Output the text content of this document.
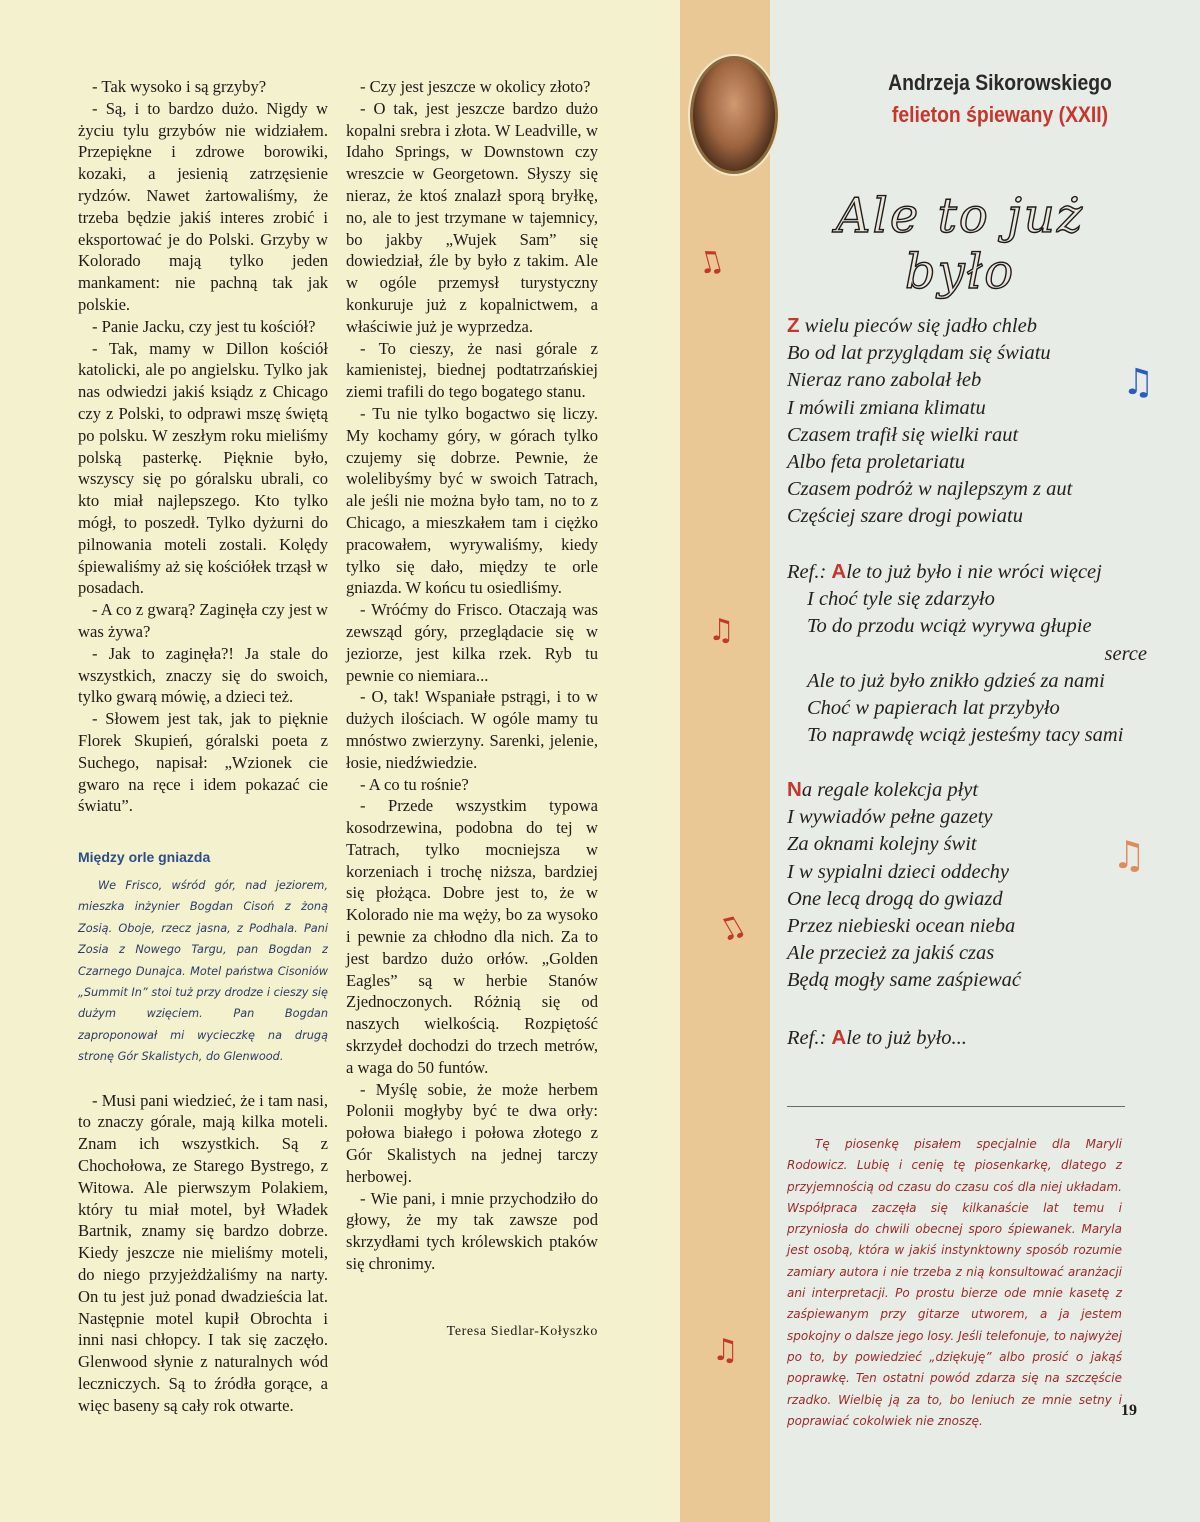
- Tak wysoko i są grzyby?

- Są, i to bardzo dużo. Nigdy w życiu tylu grzybów nie widziałem. Przepiękne i zdrowe borowiki, kozaki, a jesienią zatrzęsienie rydzów. Nawet żartowaliśmy, że trzeba będzie jakiś interes zrobić i eksportować je do Polski. Grzyby w Kolorado mają tylko jeden mankament: nie pachną tak jak polskie.

- Panie Jacku, czy jest tu kościół?

- Tak, mamy w Dillon kościół katolicki, ale po angielsku. Tylko jak nas odwiedzi jakiś ksiądz z Chicago czy z Polski, to odprawi mszę świętą po polsku. W zeszłym roku mieliśmy polską pasterkę. Pięknie było, wszyscy się po góralsku ubrali, co kto miał najlepszego. Kto tylko mógł, to poszedł. Tylko dyżurni do pilnowania moteli zostali. Kolędy śpiewaliśmy aż się kościółek trząsł w posadach.

- A co z gwarą? Zaginęła czy jest w was żywa?

- Jak to zaginęła?! Ja stale do wszystkich, znaczy się do swoich, tylko gwarą mówię, a dzieci też.

- Słowem jest tak, jak to pięknie Florek Skupień, góralski poeta z Suchego, napisał: „Wzionek cie gwaro na ręce i idem pokazać cie światu”.

Między orle gniazda
We Frisco, wśród gór, nad jeziorem, mieszka inżynier Bogdan Cisoń z żoną Zosią. Oboje, rzecz jasna, z Podhala. Pani Zosia z Nowego Targu, pan Bogdan z Czarnego Dunajca. Motel państwa Cisoniów „Summit In” stoi tuż przy drodze i cieszy się dużym wzięciem. Pan Bogdan zaproponował mi wycieczkę na drugą stronę Gór Skalistych, do Glenwood.

- Musi pani wiedzieć, że i tam nasi, to znaczy górale, mają kilka moteli. Znam ich wszystkich. Są z Chochołowa, ze Starego Bystrego, z Witowa. Ale pierwszym Polakiem, który tu miał motel, był Władek Bartnik, znamy się bardzo dobrze. Kiedy jeszcze nie mieliśmy moteli, do niego przyjeżdżaliśmy na narty. On tu jest już ponad dwadzieścia lat. Następnie motel kupił Obrochta i inni nasi chłopcy. I tak się zaczęło. Glenwood słynie z naturalnych wód leczniczych. Są to źródła gorące, a więc baseny są cały rok otwarte.

- Czy jest jeszcze w okolicy złoto?

- O tak, jest jeszcze bardzo dużo kopalni srebra i złota. W Leadville, w Idaho Springs, w Downstown czy wreszcie w Georgetown. Słyszy się nieraz, że ktoś znalazł sporą bryłkę, no, ale to jest trzymane w tajemnicy, bo jakby „Wujek Sam” się dowiedział, źle by było z takim. Ale w ogóle przemysł turystyczny konkuruje już z kopalnictwem, a właściwie już je wyprzedza.

- To cieszy, że nasi górale z kamienistej, biednej podtatrzańskiej ziemi trafili do tego bogatego stanu.

- Tu nie tylko bogactwo się liczy. My kochamy góry, w górach tylko czujemy się dobrze. Pewnie, że wolelibyśmy być w swoich Tatrach, ale jeśli nie można było tam, no to z Chicago, a mieszkałem tam i ciężko pracowałem, wyrywaliśmy, kiedy tylko się dało, między te orle gniazda. W końcu tu osiedliśmy.

- Wróćmy do Frisco. Otaczają was zewsząd góry, przeglądacie się w jeziorze, jest kilka rzek. Ryb tu pewnie co niemiara...

- O, tak! Wspaniałe pstrągi, i to w dużych ilościach. W ogóle mamy tu mnóstwo zwierzyny. Sarenki, jelenie, łosie, niedźwiedzie.

- A co tu rośnie?

- Przede wszystkim typowa kosodrzewina, podobna do tej w Tatrach, tylko mocniejsza w korzeniach i trochę niższa, bardziej się płożąca. Dobre jest to, że w Kolorado nie ma węży, bo za wysoko i pewnie za chłodno dla nich. Za to jest bardzo dużo orłów. „Golden Eagles” są w herbie Stanów Zjednoczonych. Różnią się od naszych wielkością. Rozpiętość skrzydeł dochodzi do trzech metrów, a waga do 50 funtów.

- Myślę sobie, że może herbem Polonii mogłyby być te dwa orły: połowa białego i połowa złotego z Gór Skalistych na jednej tarczy herbowej.

- Wie pani, i mnie przychodziło do głowy, że my tak zawsze pod skrzydłami tych królewskich ptaków się chronimy.

Teresa Siedlar-Kołyszko
Andrzeja Sikorowskiego
felieton śpiewany (XXII)
Ale to już było
Z wielu pieców się jadło chleb
Bo od lat przyglądam się światu
Nieraz rano zabolał łeb
I mówili zmiana klimatu
Czasem trafił się wielki raut
Albo feta proletariatu
Czasem podróż w najlepszym z aut
Częściej szare drogi powiatu
Ref.: Ale to już było i nie wróci więcej
I choć tyle się zdarzyło
To do przodu wciąż wyrywa głupie
serce
Ale to już było znikło gdzieś za nami
Choć w papierach lat przybyło
To naprawdę wciąż jesteśmy tacy sami
Na regale kolekcja płyt
I wywiadów pełne gazety
Za oknami kolejny świt
I w sypialni dzieci oddechy
One lecą drogą do gwiazd
Przez niebieski ocean nieba
Ale przecież za jakiś czas
Będą mogły same zaśpiewać
Ref.: Ale to już było...
Tę piosenkę pisałem specjalnie dla Maryli Rodowicz. Lubię i cenię tę piosenkarkę, dlatego z przyjemnością od czasu do czasu coś dla niej układam. Współpraca zaczęła się kilkanaście lat temu i przyniosła do chwili obecnej sporo śpiewanek. Maryla jest osobą, która w jakiś instynktowny sposób rozumie zamiary autora i nie trzeba z nią konsultować aranżacji ani interpretacji. Po prostu bierze ode mnie kasetę z zaśpiewanym przy gitarze utworem, a ja jestem spokojny o dalsze jego losy. Jeśli telefonuje, to najwyżej po to, by powiedzieć „dziękuję” albo prosić o jakąś poprawkę. Ten ostatni powód zdarza się na szczęście rzadko. Wielbię ją za to, bo leniuch ze mnie setny i poprawiać cokolwiek nie znoszę.
19
♫
♫
♫
♫
♫
♫
